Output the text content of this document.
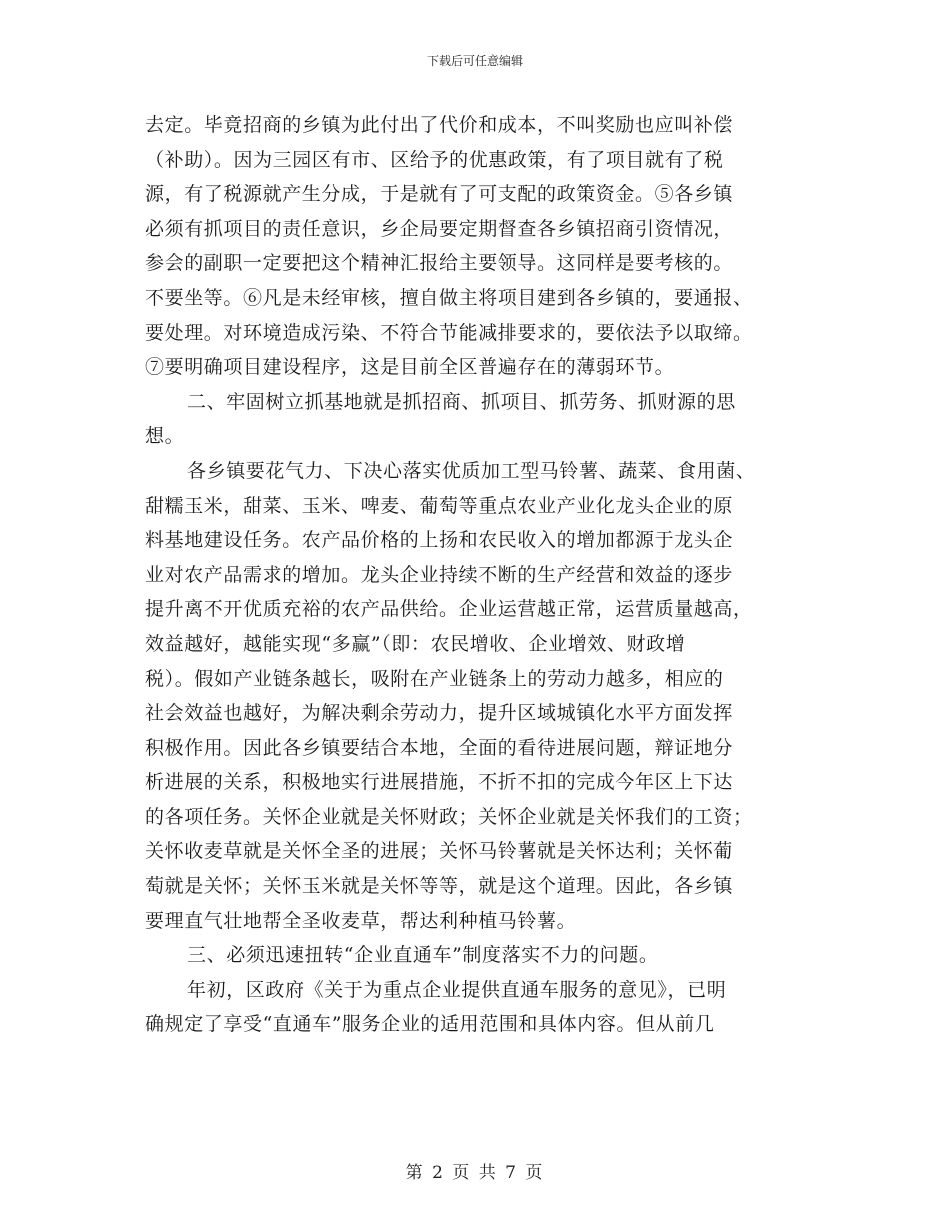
下载后可任意编辑
去定。毕竟招商的乡镇为此付出了代价和成本，不叫奖励也应叫补偿
（补助）。因为三园区有市、区给予的优惠政策，有了项目就有了税
源，有了税源就产生分成，于是就有了可支配的政策资金。⑤各乡镇
必须有抓项目的责任意识，乡企局要定期督查各乡镇招商引资情况，
参会的副职一定要把这个精神汇报给主要领导。这同样是要考核的。
不要坐等。⑥凡是未经审核，擅自做主将项目建到各乡镇的，要通报、
要处理。对环境造成污染、不符合节能减排要求的，要依法予以取缔。
⑦要明确项目建设程序，这是目前全区普遍存在的薄弱环节。
二、牢固树立抓基地就是抓招商、抓项目、抓劳务、抓财源的思
想。
各乡镇要花气力、下决心落实优质加工型马铃薯、蔬菜、食用菌、
甜糯玉米，甜菜、玉米、啤麦、葡萄等重点农业产业化龙头企业的原
料基地建设任务。农产品价格的上扬和农民收入的增加都源于龙头企
业对农产品需求的增加。龙头企业持续不断的生产经营和效益的逐步
提升离不开优质充裕的农产品供给。企业运营越正常，运营质量越高，
效益越好，越能实现“多赢”（即：农民增收、企业增效、财政增
税）。假如产业链条越长，吸附在产业链条上的劳动力越多，相应的
社会效益也越好，为解决剩余劳动力，提升区域城镇化水平方面发挥
积极作用。因此各乡镇要结合本地，全面的看待进展问题，辩证地分
析进展的关系，积极地实行进展措施，不折不扣的完成今年区上下达
的各项任务。关怀企业就是关怀财政；关怀企业就是关怀我们的工资；
关怀收麦草就是关怀全圣的进展；关怀马铃薯就是关怀达利；关怀葡
萄就是关怀；关怀玉米就是关怀等等，就是这个道理。因此，各乡镇
要理直气壮地帮全圣收麦草，帮达利种植马铃薯。
三、必须迅速扭转“企业直通车”制度落实不力的问题。
年初，区政府《关于为重点企业提供直通车服务的意见》，已明
确规定了享受“直通车”服务企业的适用范围和具体内容。但从前几
第 2 页 共 7 页
